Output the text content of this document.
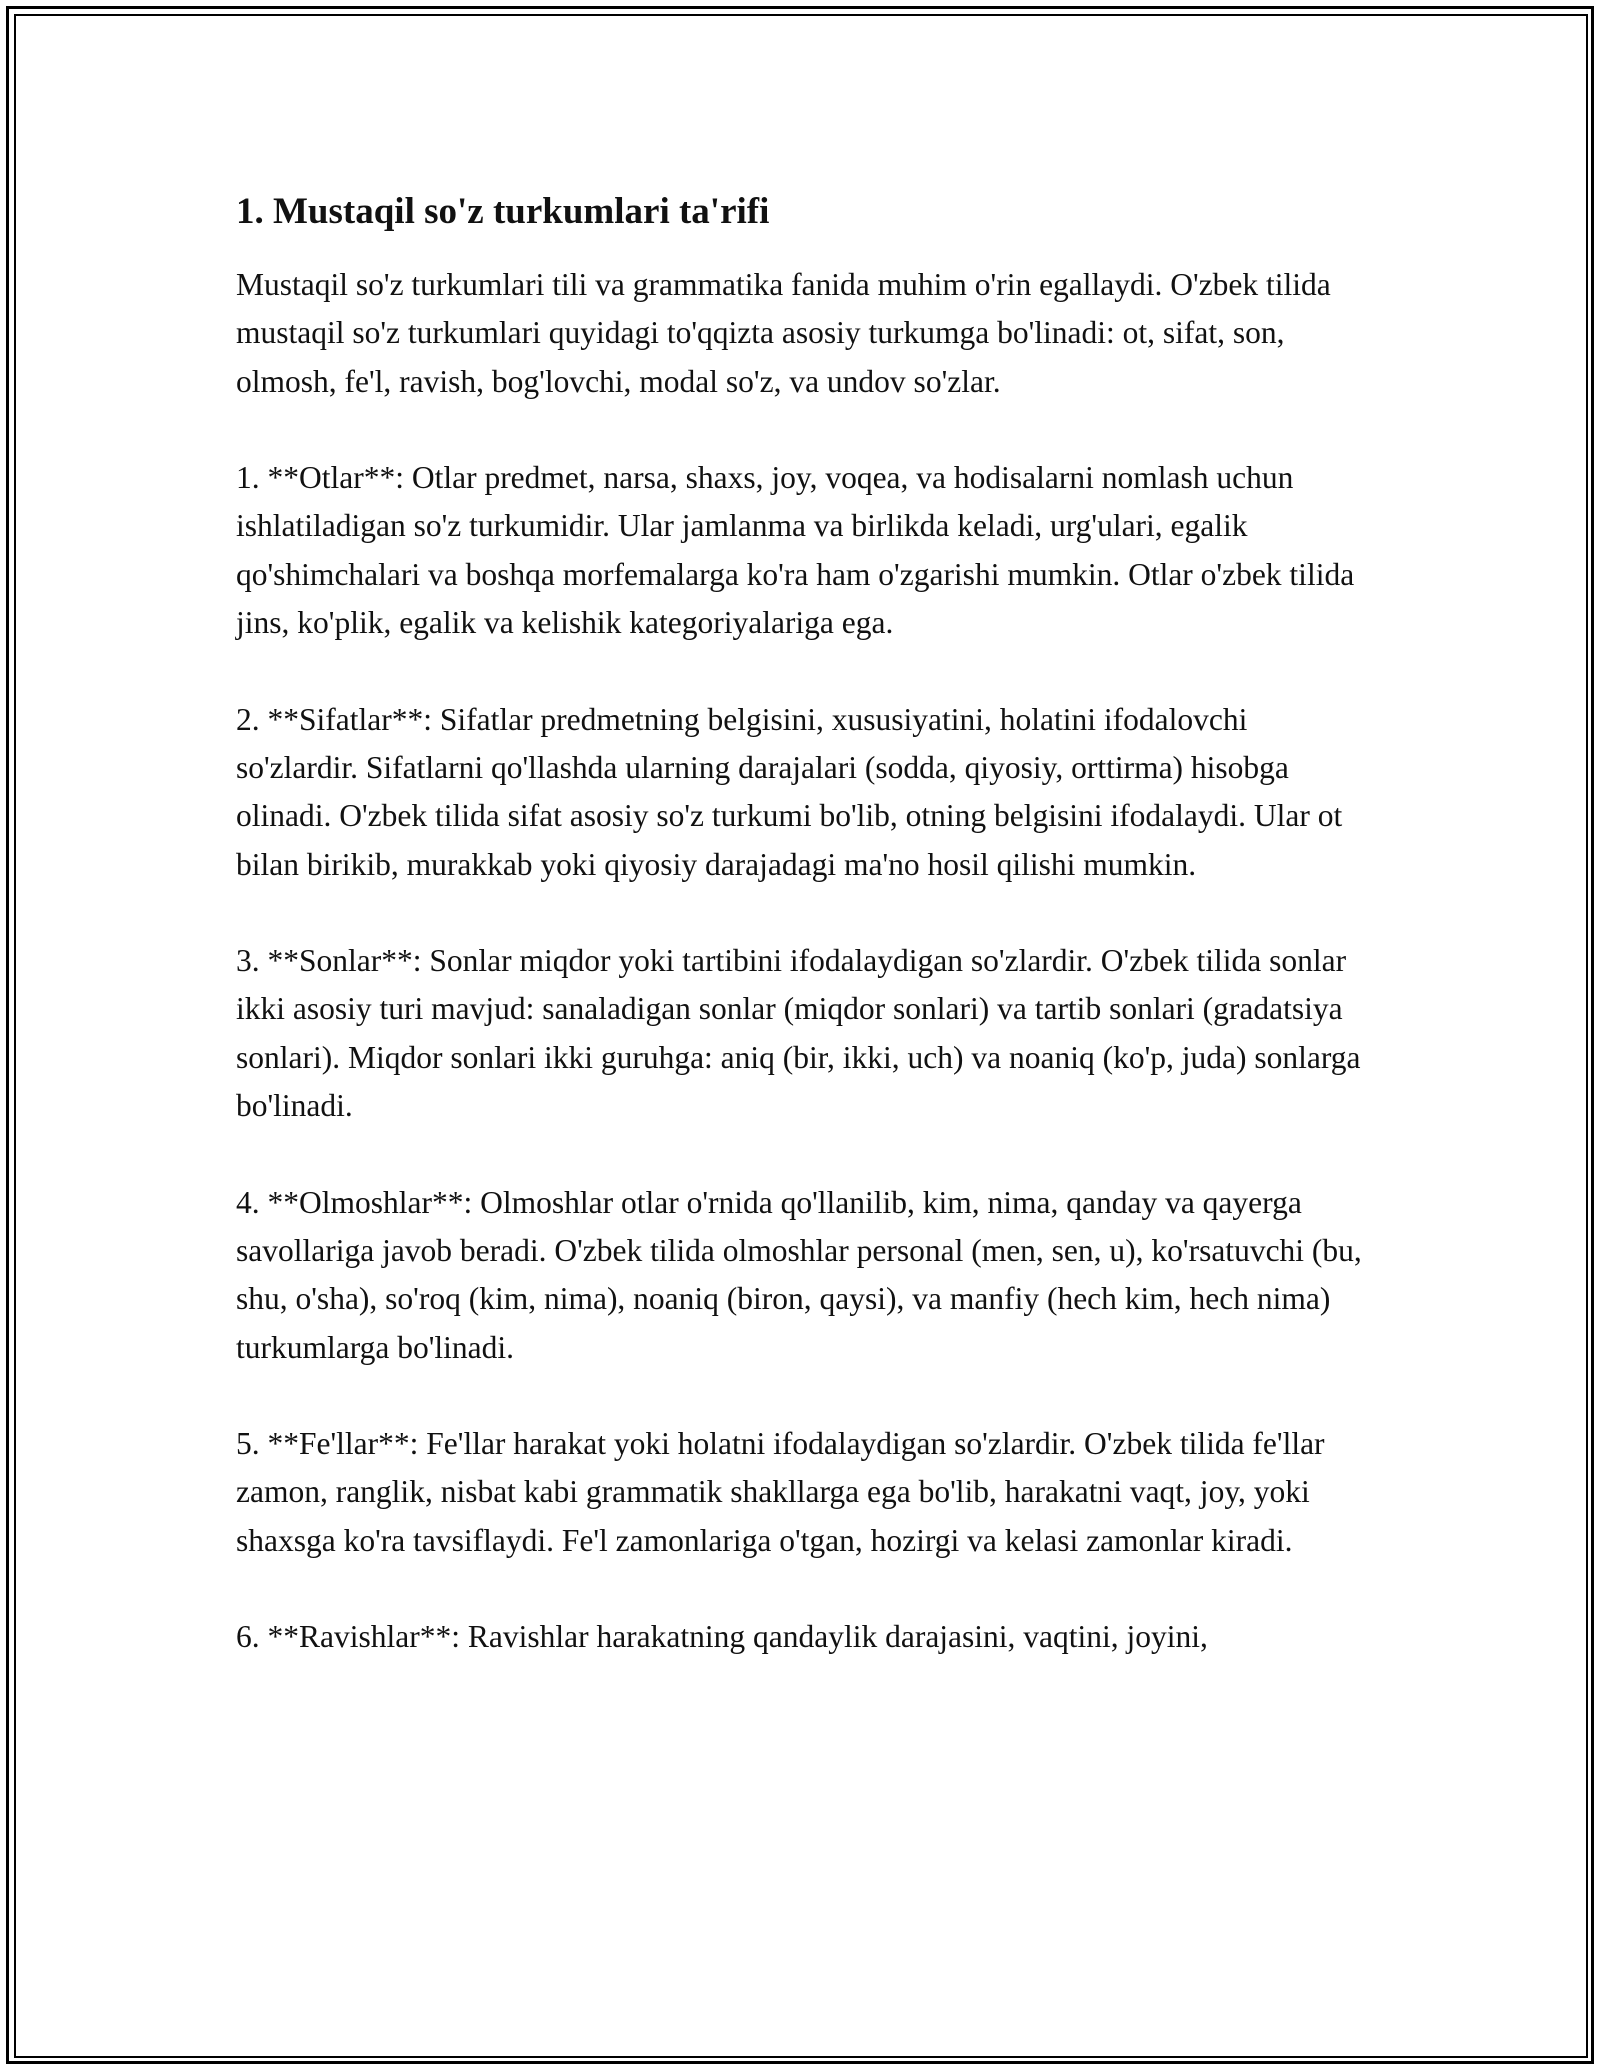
1. Mustaqil so'z turkumlari ta'rifi

Mustaqil so'z turkumlari tili va grammatika fanida muhim o'rin egallaydi. O'zbek tilida mustaqil so'z turkumlari quyidagi to'qqizta asosiy turkumga bo'linadi: ot, sifat, son, olmosh, fe'l, ravish, bog'lovchi, modal so'z, va undov so'zlar.

1. **Otlar**: Otlar predmet, narsa, shaxs, joy, voqea, va hodisalarni nomlash uchun ishlatiladigan so'z turkumidir. Ular jamlanma va birlikda keladi, urg'ulari, egalik qo'shimchalari va boshqa morfemalarga ko'ra ham o'zgarishi mumkin. Otlar o'zbek tilida jins, ko'plik, egalik va kelishik kategoriyalariga ega.

2. **Sifatlar**: Sifatlar predmetning belgisini, xususiyatini, holatini ifodalovchi so'zlardir. Sifatlarni qo'llashda ularning darajalari (sodda, qiyosiy, orttirma) hisobga olinadi. O'zbek tilida sifat asosiy so'z turkumi bo'lib, otning belgisini ifodalaydi. Ular ot bilan birikib, murakkab yoki qiyosiy darajadagi ma'no hosil qilishi mumkin.

3. **Sonlar**: Sonlar miqdor yoki tartibini ifodalaydigan so'zlardir. O'zbek tilida sonlar ikki asosiy turi mavjud: sanaladigan sonlar (miqdor sonlari) va tartib sonlari (gradatsiya sonlari). Miqdor sonlari ikki guruhga: aniq (bir, ikki, uch) va noaniq (ko'p, juda) sonlarga bo'linadi.

4. **Olmoshlar**: Olmoshlar otlar o'rnida qo'llanilib, kim, nima, qanday va qayerga savollariga javob beradi. O'zbek tilida olmoshlar personal (men, sen, u), ko'rsatuvchi (bu, shu, o'sha), so'roq (kim, nima), noaniq (biron, qaysi), va manfiy (hech kim, hech nima) turkumlarga bo'linadi.

5. **Fe'llar**: Fe'llar harakat yoki holatni ifodalaydigan so'zlardir. O'zbek tilida fe'llar zamon, ranglik, nisbat kabi grammatik shakllarga ega bo'lib, harakatni vaqt, joy, yoki shaxsga ko'ra tavsiflaydi. Fe'l zamonlariga o'tgan, hozirgi va kelasi zamonlar kiradi.

6. **Ravishlar**: Ravishlar harakatning qandaylik darajasini, vaqtini, joyini,
